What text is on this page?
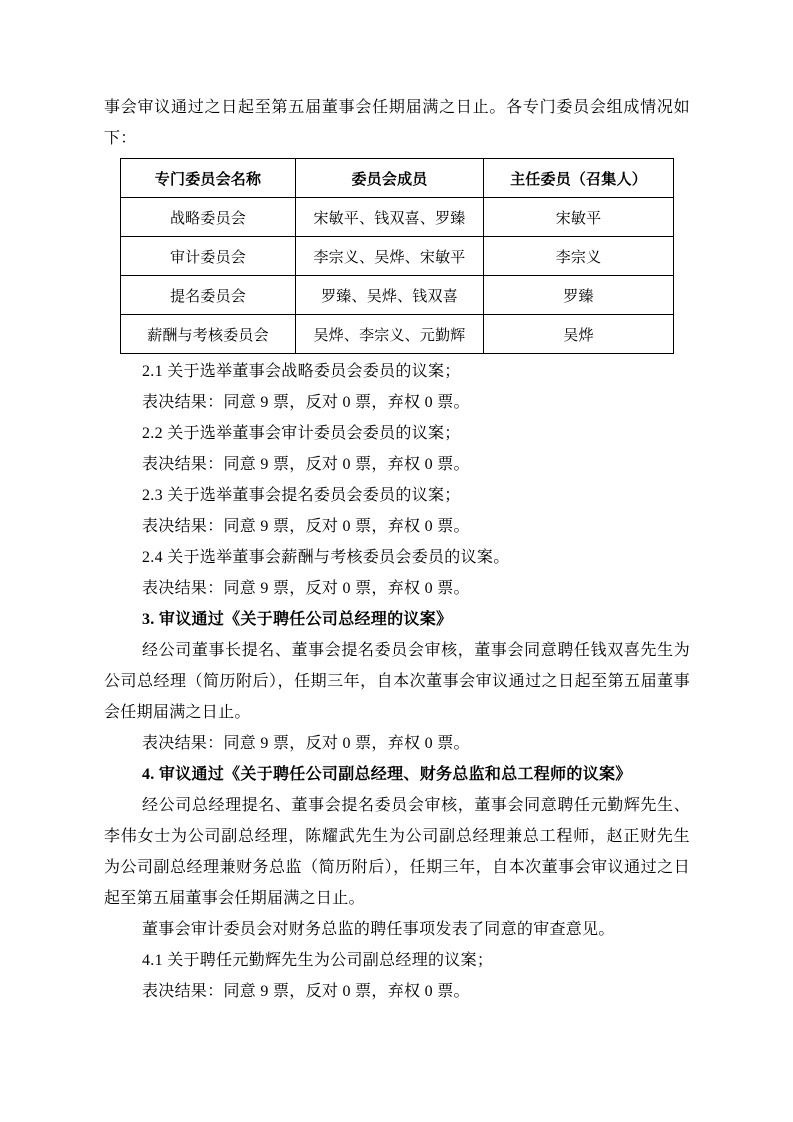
事会审议通过之日起至第五届董事会任期届满之日止。各专门委员会组成情况如下：

专门委员会名称	委员会成员	主任委员（召集人）
战略委员会	宋敏平、钱双喜、罗臻	宋敏平
审计委员会	李宗义、吴烨、宋敏平	李宗义
提名委员会	罗臻、吴烨、钱双喜	罗臻
薪酬与考核委员会	吴烨、李宗义、元勤辉	吴烨

2.1 关于选举董事会战略委员会委员的议案；

表决结果：同意 9 票，反对 0 票，弃权 0 票。

2.2 关于选举董事会审计委员会委员的议案；

表决结果：同意 9 票，反对 0 票，弃权 0 票。

2.3 关于选举董事会提名委员会委员的议案；

表决结果：同意 9 票，反对 0 票，弃权 0 票。

2.4 关于选举董事会薪酬与考核委员会委员的议案。

表决结果：同意 9 票，反对 0 票，弃权 0 票。

3. 审议通过《关于聘任公司总经理的议案》

经公司董事长提名、董事会提名委员会审核，董事会同意聘任钱双喜先生为公司总经理（简历附后），任期三年，自本次董事会审议通过之日起至第五届董事会任期届满之日止。

表决结果：同意 9 票，反对 0 票，弃权 0 票。

4. 审议通过《关于聘任公司副总经理、财务总监和总工程师的议案》

经公司总经理提名、董事会提名委员会审核，董事会同意聘任元勤辉先生、李伟女士为公司副总经理，陈耀武先生为公司副总经理兼总工程师，赵正财先生为公司副总经理兼财务总监（简历附后），任期三年，自本次董事会审议通过之日起至第五届董事会任期届满之日止。

董事会审计委员会对财务总监的聘任事项发表了同意的审查意见。

4.1 关于聘任元勤辉先生为公司副总经理的议案；

表决结果：同意 9 票，反对 0 票，弃权 0 票。
